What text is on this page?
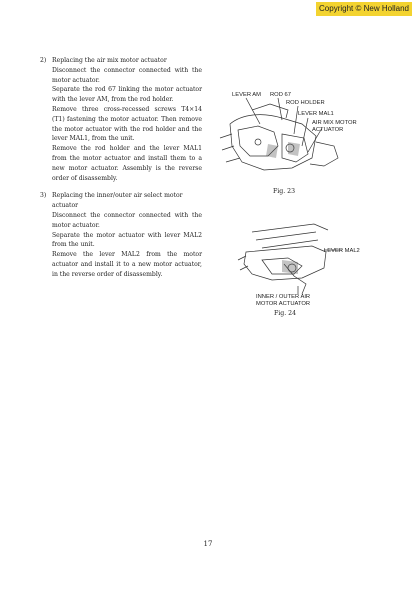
Copyright © New Holland
2) Replacing the air mix motor actuator
Disconnect the connector connected with the motor actuator.
Separate the rod 67 linking the motor actuator with the lever AM, from the rod holder.
Remove three cross-recessed screws T4×14 (T1) fastening the motor actuator. Then remove the motor actuator with the rod holder and the lever MAL1, from the unit.
Remove the rod holder and the lever MAL1 from the motor actuator and install them to a new motor actuator. Assembly is the reverse order of disassembly.
3) Replacing the inner/outer air select motor actuator
Disconnect the connector connected with the motor actuator.
Separate the motor actuator with lever MAL2 from the unit.
Remove the lever MAL2 from the motor actuator and install it to a new motor actuator, in the reverse order of disassembly.
LEVER AM ROD 67
ROD HOLDER
LEVER MAL1
AIR MIX MOTOR
ACTUATOR
Fig. 23
LEVER MAL2
INNER / OUTER AIR
MOTOR ACTUATOR
Fig. 24
17
